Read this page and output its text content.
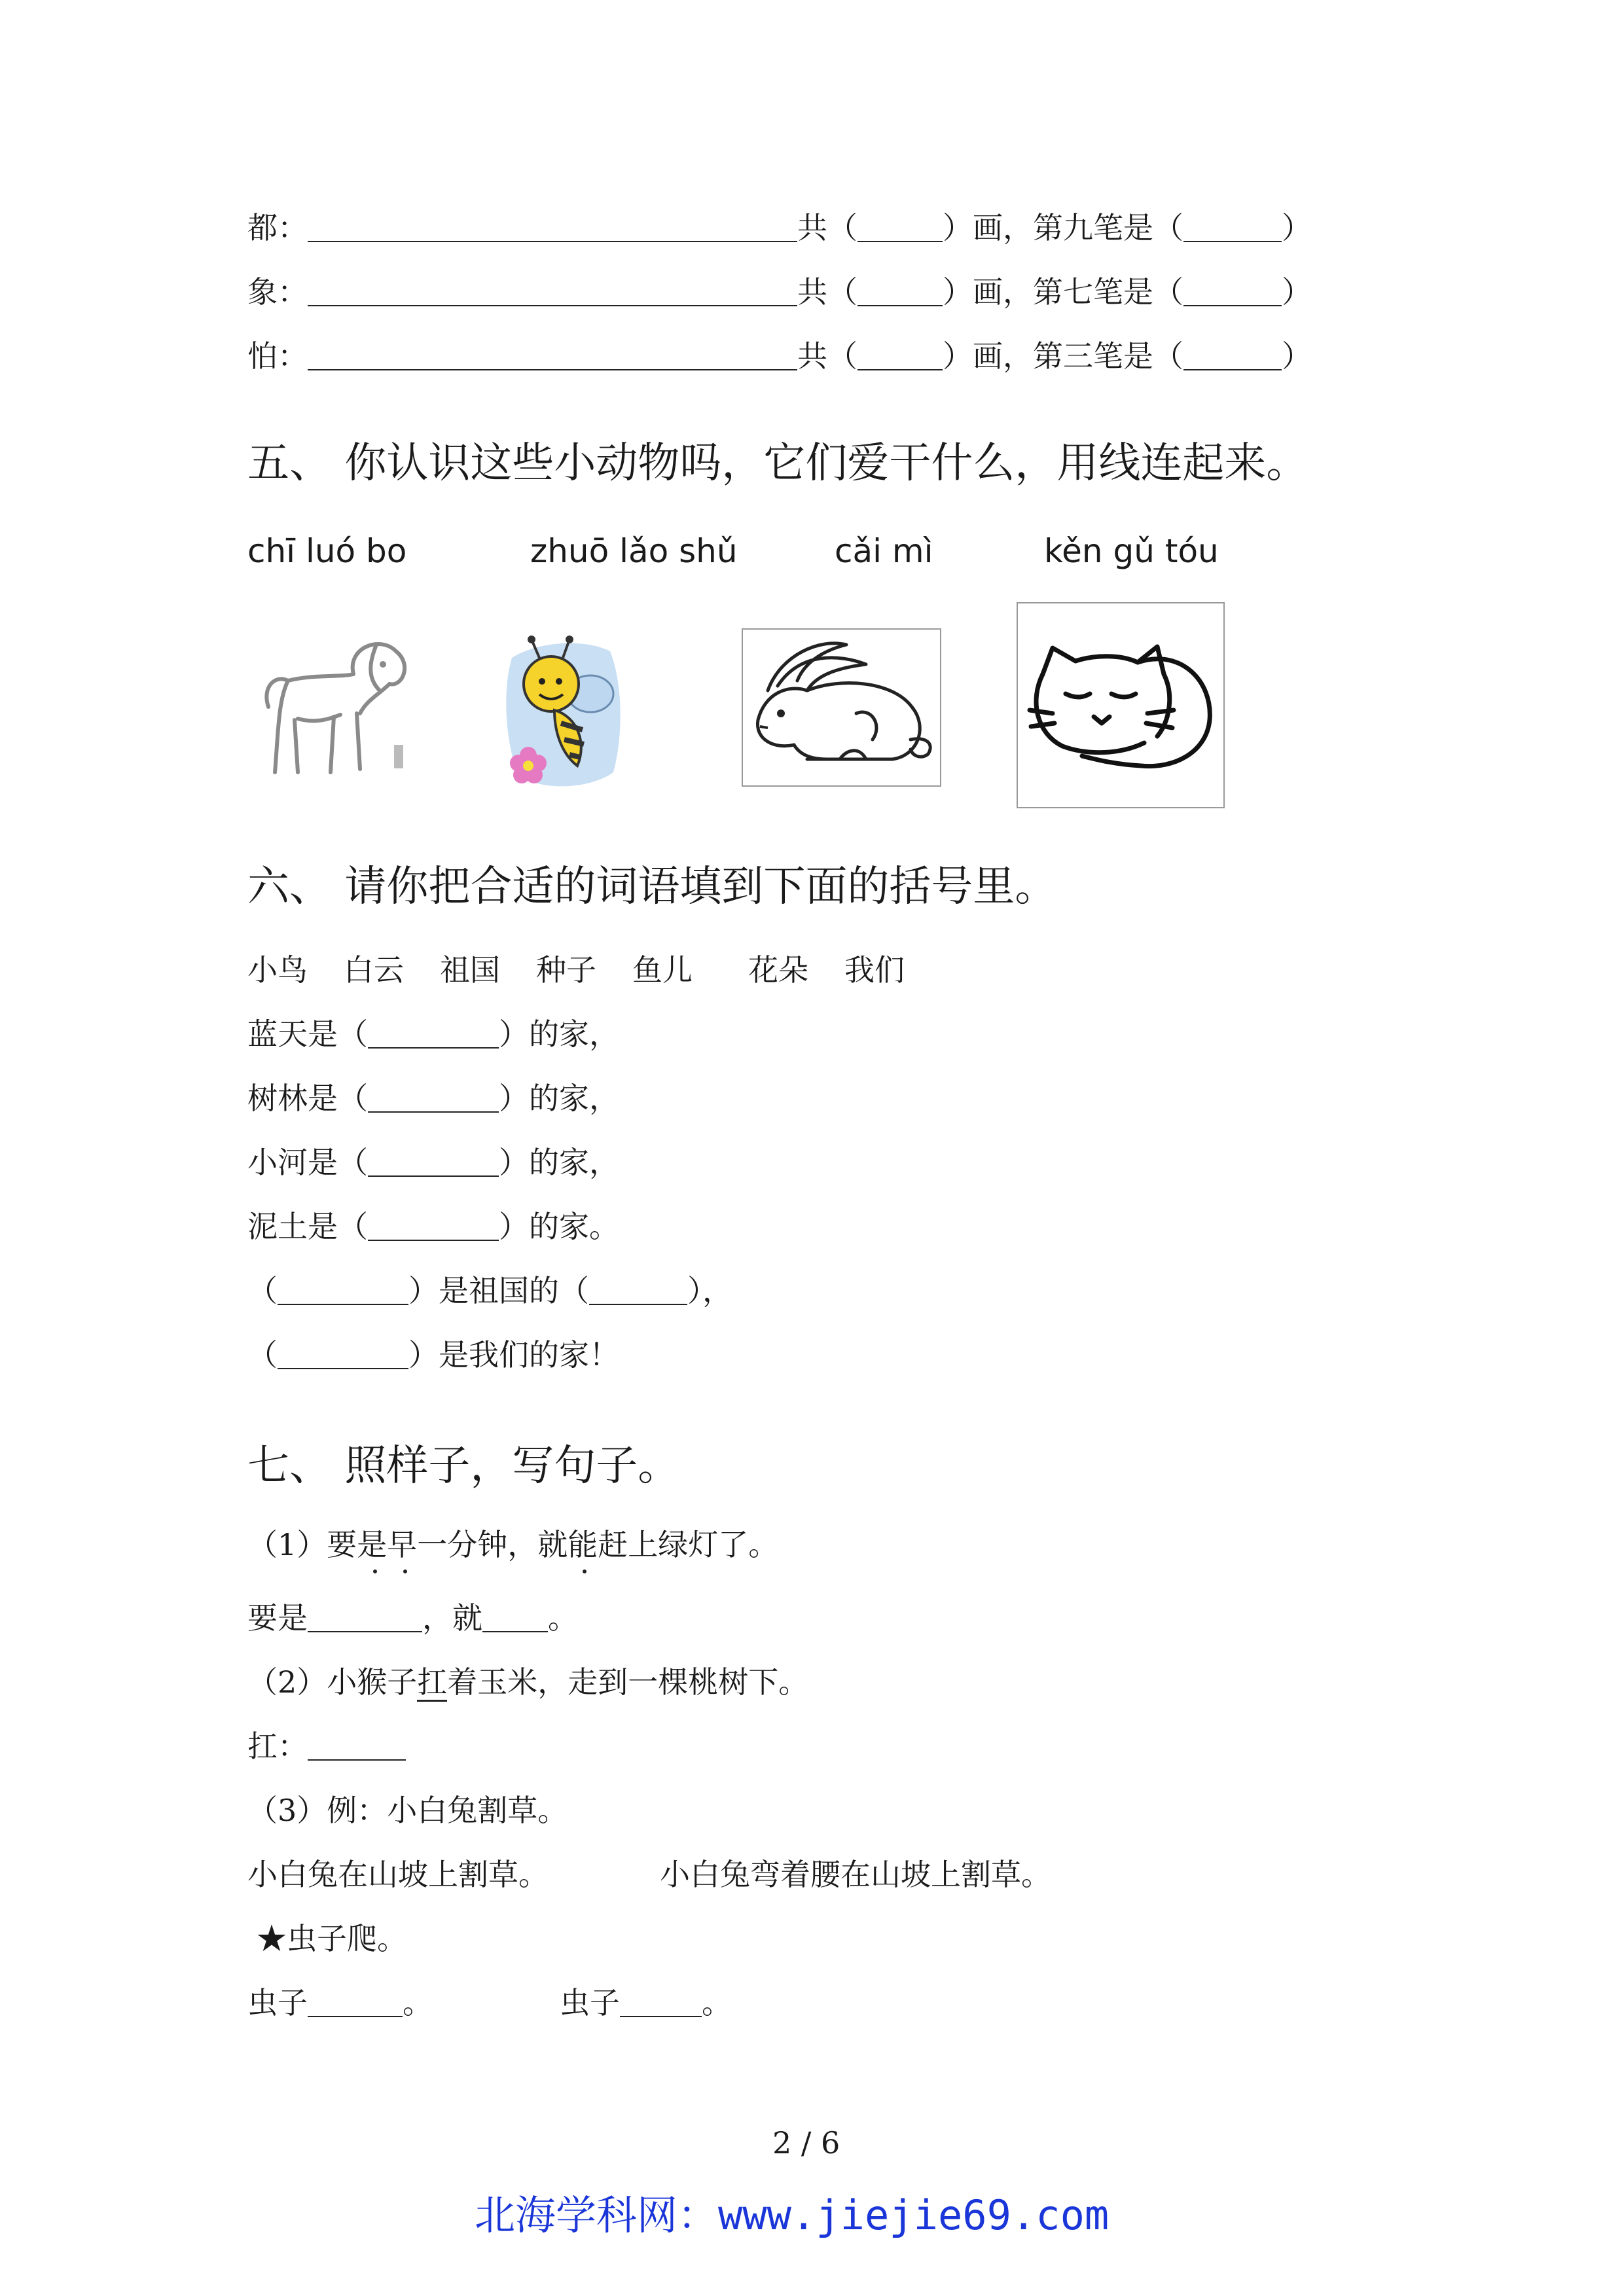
都：	共（	）画，第九笔是（	）
象：	共（	）画，第七笔是（	）
怕：	共（	）画，第三笔是（	）
五、 你认识这些小动物吗，它们爱干什么，用线连起来。
chī luó bo	zhuō lǎo shǔ	cǎi mì	kěn gǔ tóu
六、 请你把合适的词语填到下面的括号里。
小鸟 白云 祖国 种子 鱼儿 花朵 我们
蓝天是（	）的家，
树林是（	）的家，
小河是（	）的家，
泥土是（	）的家。
（	）是祖国的（	），
（	）是我们的家！
七、 照样子，写句子。
（1）要是早一分钟，就能赶上绿灯了。
要是	，就 。
（2）小猴子扛着玉米，走到一棵桃树下。
扛：
（3）例：小白兔割草。
小白兔在山坡上割草。	小白兔弯着腰在山坡上割草。
★虫子爬。
虫子	。	虫子	。
2 / 6
北海学科网：www.jiejie69.com
